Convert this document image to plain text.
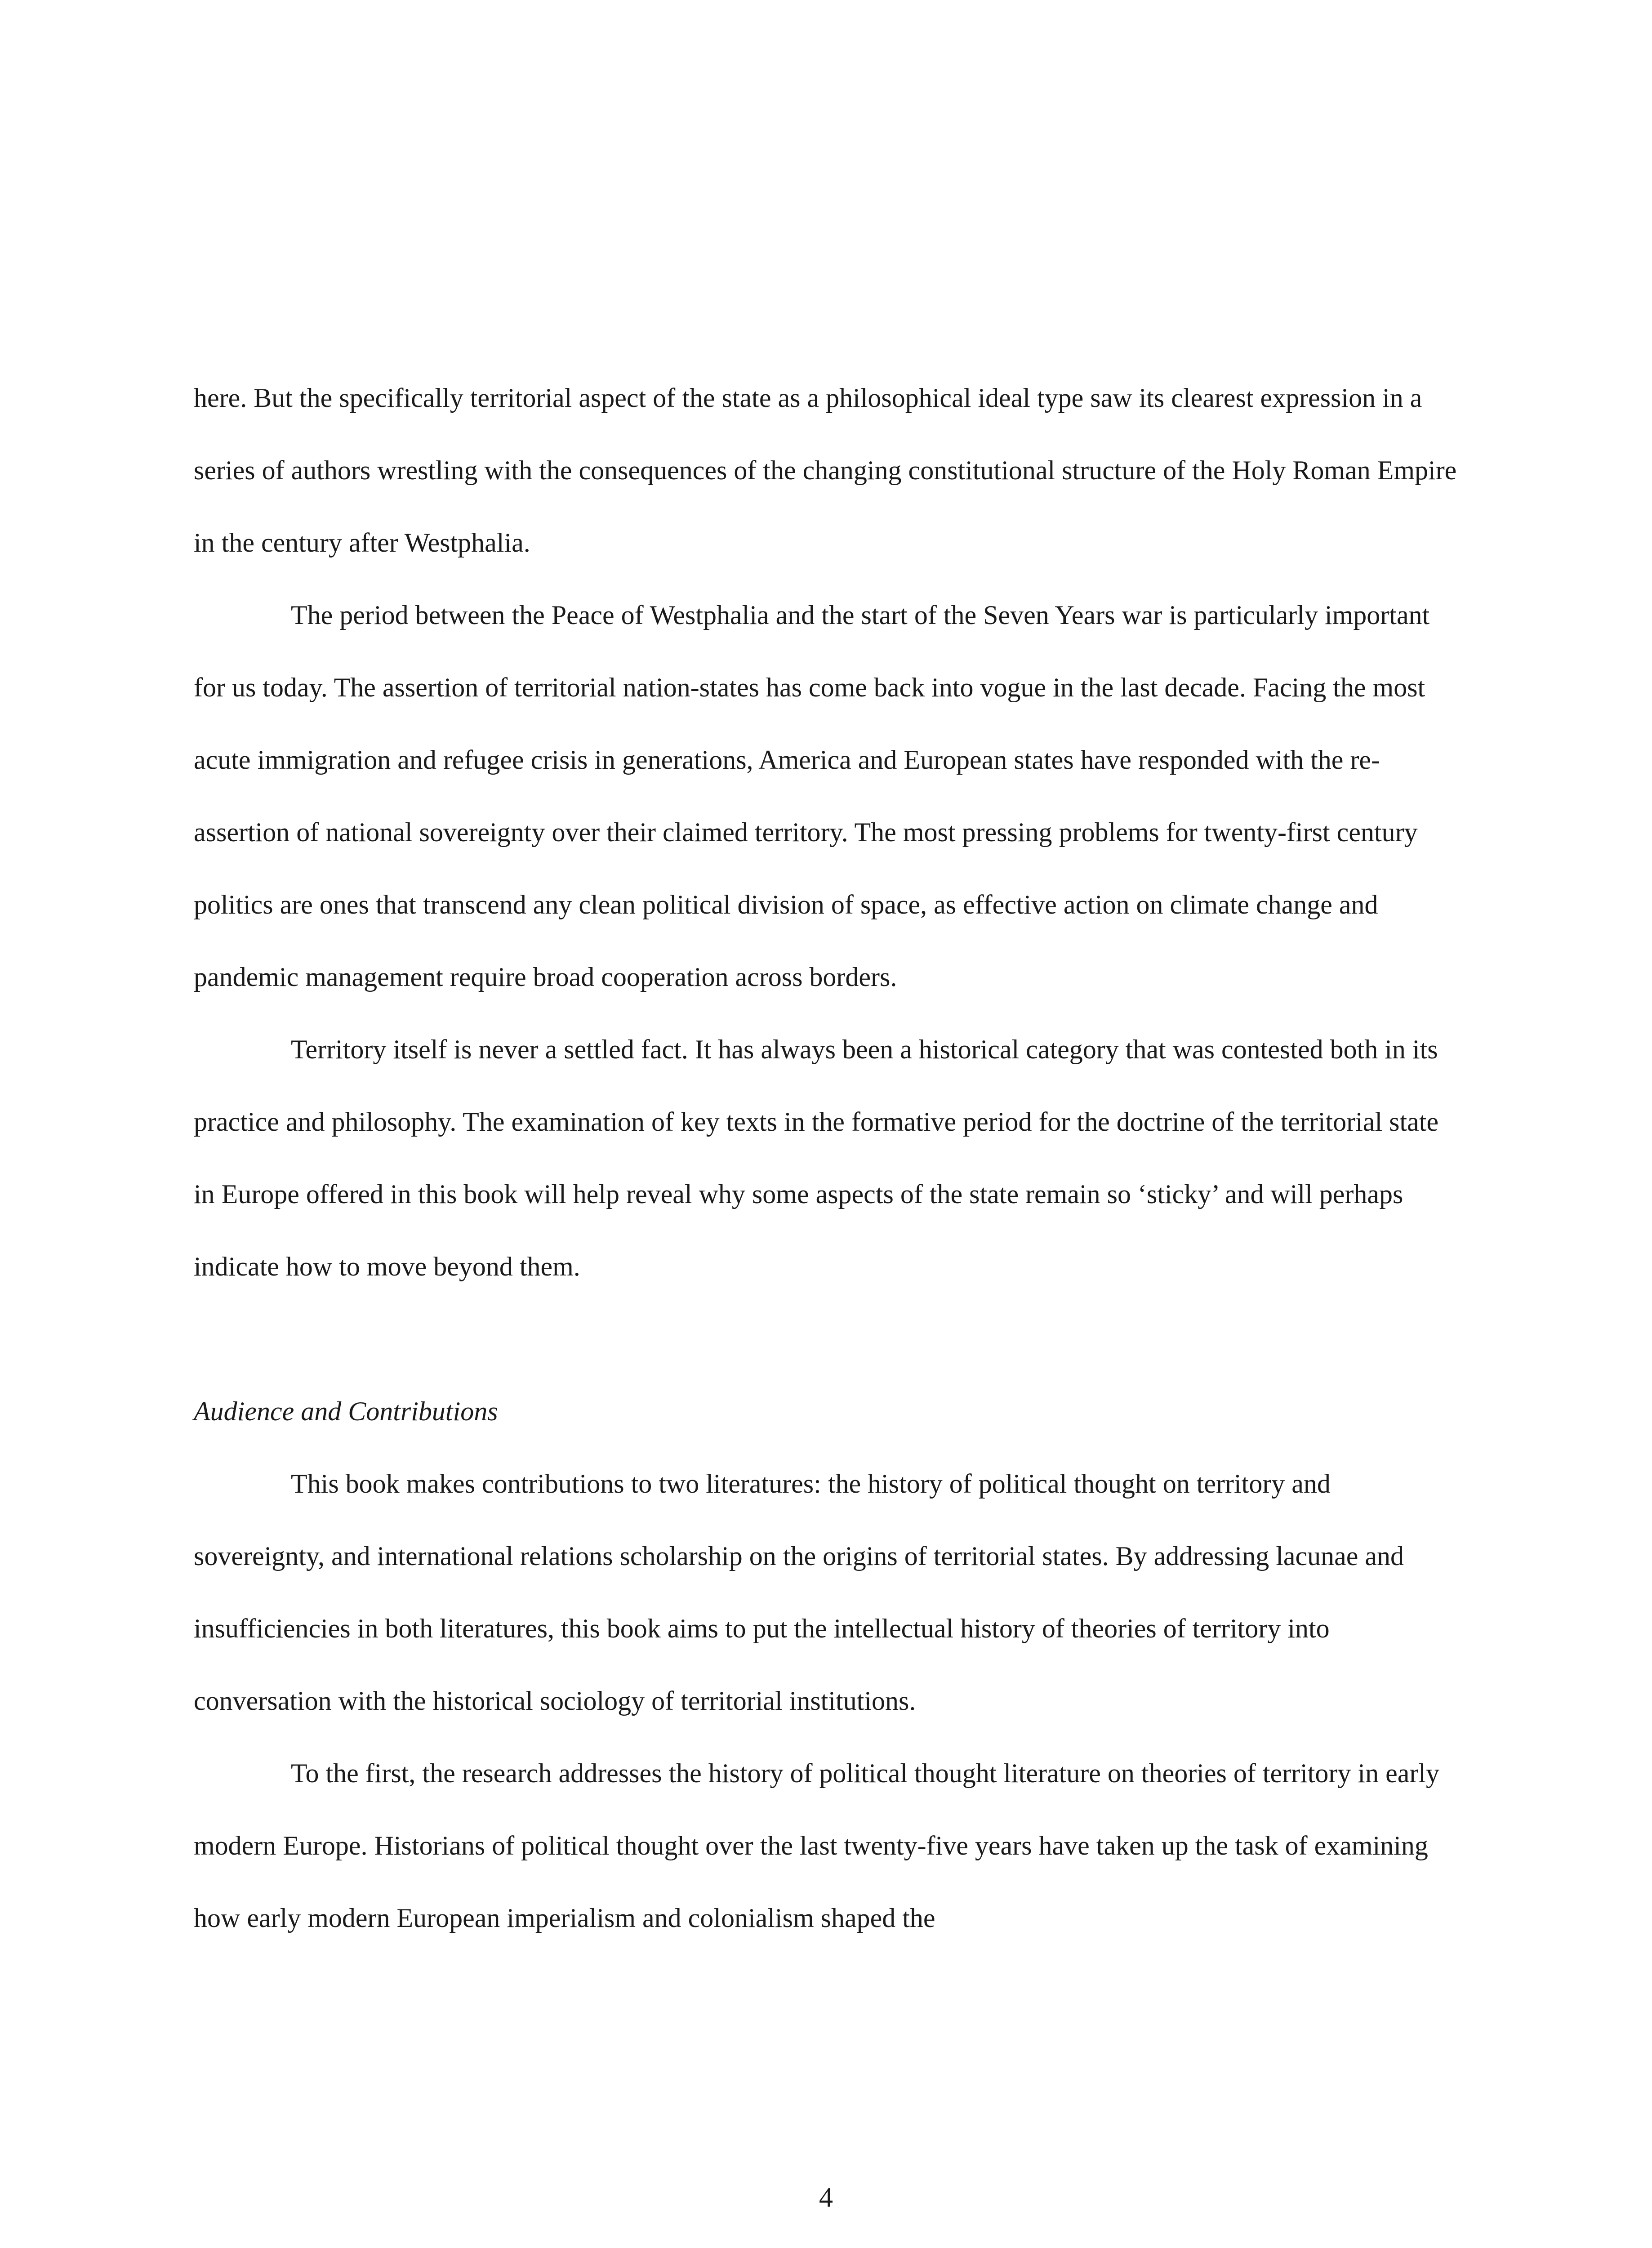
here. But the specifically territorial aspect of the state as a philosophical ideal type saw its clearest expression in a series of authors wrestling with the consequences of the changing constitutional structure of the Holy Roman Empire in the century after Westphalia.

The period between the Peace of Westphalia and the start of the Seven Years war is particularly important for us today. The assertion of territorial nation-states has come back into vogue in the last decade. Facing the most acute immigration and refugee crisis in generations, America and European states have responded with the re-assertion of national sovereignty over their claimed territory. The most pressing problems for twenty-first century politics are ones that transcend any clean political division of space, as effective action on climate change and pandemic management require broad cooperation across borders.

Territory itself is never a settled fact. It has always been a historical category that was contested both in its practice and philosophy. The examination of key texts in the formative period for the doctrine of the territorial state in Europe offered in this book will help reveal why some aspects of the state remain so ‘sticky’ and will perhaps indicate how to move beyond them.

Audience and Contributions

This book makes contributions to two literatures: the history of political thought on territory and sovereignty, and international relations scholarship on the origins of territorial states. By addressing lacunae and insufficiencies in both literatures, this book aims to put the intellectual history of theories of territory into conversation with the historical sociology of territorial institutions.

To the first, the research addresses the history of political thought literature on theories of territory in early modern Europe. Historians of political thought over the last twenty-five years have taken up the task of examining how early modern European imperialism and colonialism shaped the

4
